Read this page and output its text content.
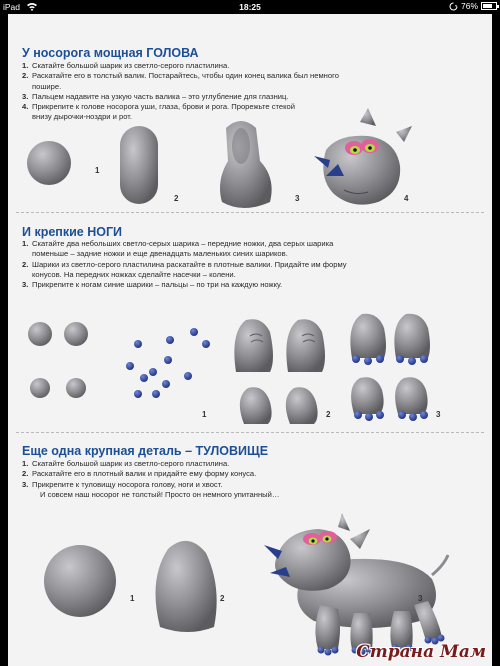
iPad	18:25	76%
У носорога мощная ГОЛОВА
1. Скатайте большой шарик из светло-серого пластилина.
2. Раскатайте его в толстый валик. Постарайтесь, чтобы один конец валика был немного пошире.
3. Пальцем надавите на узкую часть валика – это углубление для глазниц.
4. Прикрепите к голове носорога уши, глаза, брови и рога. Прорежьте стекой
внизу дырочки-ноздри и рот.
1
2	3	4
И крепкие НОГИ
1. Скатайте два небольших светло-серых шарика – передние ножки, два серых шарика
поменьше – задние ножки и еще двенадцать маленьких синих шариков.
2. Шарики из светло-серого пластилина раскатайте в плотные валики. Придайте им форму
конусов. На передних ножках сделайте насечки – колени.
3. Прикрепите к ногам синие шарики – пальцы – по три на каждую ножку.
1	2	3
Еще одна крупная деталь – ТУЛОВИЩЕ
1. Скатайте большой шарик из светло-серого пластилина.
2. Раскатайте его в плотный валик и придайте ему форму конуса.
3. Прикрепите к туловищу носорога голову, ноги и хвост.
И совсем наш носорог не толстый! Просто он немного упитанный…
1	2	3
Страна Мам
